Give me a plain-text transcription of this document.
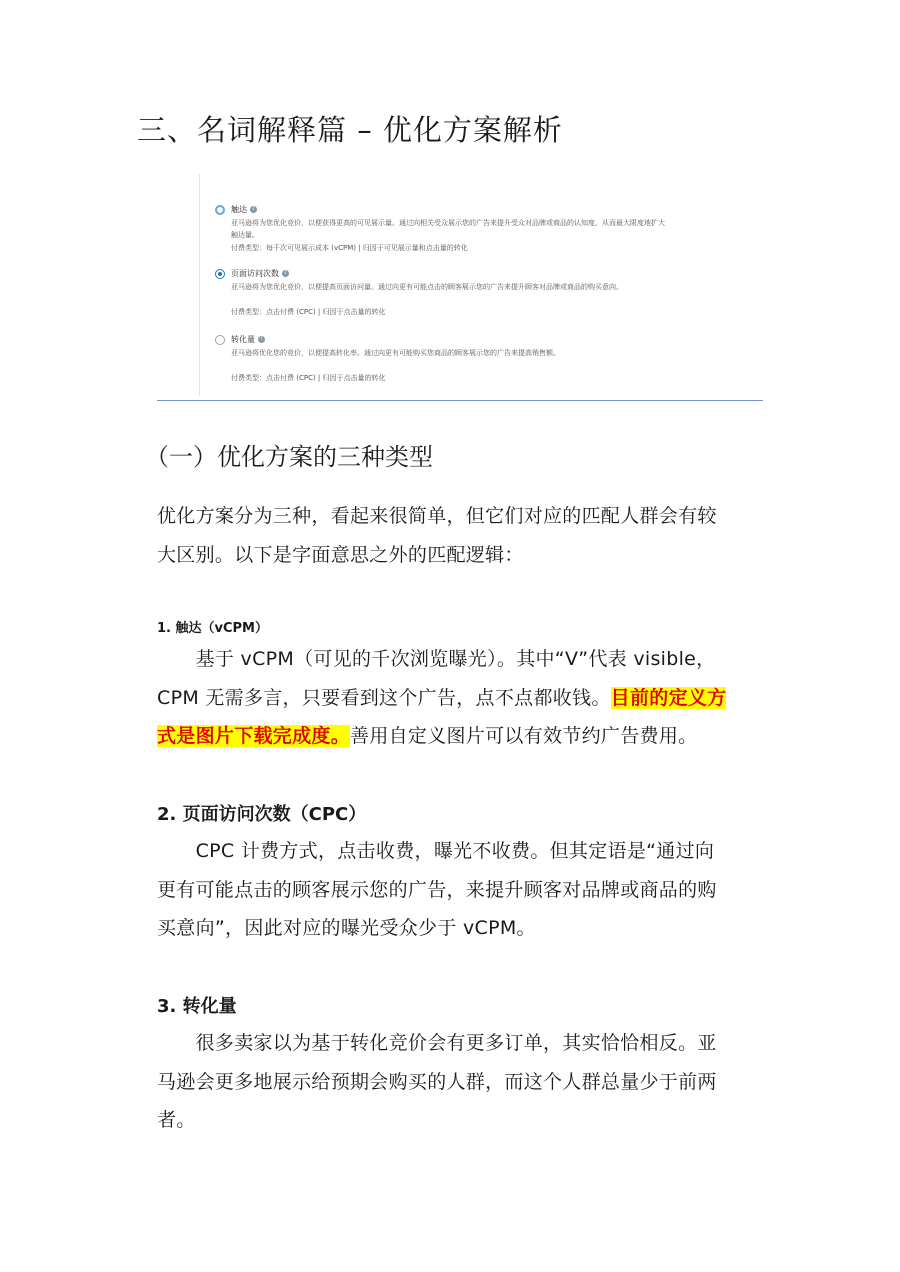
三、名词解释篇 – 优化方案解析
触达 i
亚马逊将为您优化竞价，以便获得更高的可见展示量。通过向相关受众展示您的广告来提升受众对品牌或商品的认知度，从而最大限度地扩大触达量。
付费类型：每千次可见展示成本 (vCPM) | 归因于可见展示量和点击量的转化
页面访问次数 i
亚马逊将为您优化竞价，以便提高页面访问量。通过向更有可能点击的顾客展示您的广告来提升顾客对品牌或商品的购买意向。
付费类型：点击付费 (CPC) | 归因于点击量的转化
转化量 i
亚马逊将优化您的竞价，以便提高转化率。通过向更有可能购买您商品的顾客展示您的广告来提高销售额。
付费类型：点击付费 (CPC) | 归因于点击量的转化
（一）优化方案的三种类型

优化方案分为三种，看起来很简单，但它们对应的匹配人群会有较
大区别。以下是字面意思之外的匹配逻辑：

1. 触达（vCPM）

　　基于 vCPM（可见的千次浏览曝光）。其中“V”代表 visible，
CPM 无需多言，只要看到这个广告，点不点都收钱。目前的定义方
式是图片下载完成度。善用自定义图片可以有效节约广告费用。

2. 页面访问次数（CPC）

　　CPC 计费方式，点击收费，曝光不收费。但其定语是“通过向
更有可能点击的顾客展示您的广告，来提升顾客对品牌或商品的购
买意向”，因此对应的曝光受众少于 vCPM。

3. 转化量

　　很多卖家以为基于转化竞价会有更多订单，其实恰恰相反。亚
马逊会更多地展示给预期会购买的人群，而这个人群总量少于前两
者。
